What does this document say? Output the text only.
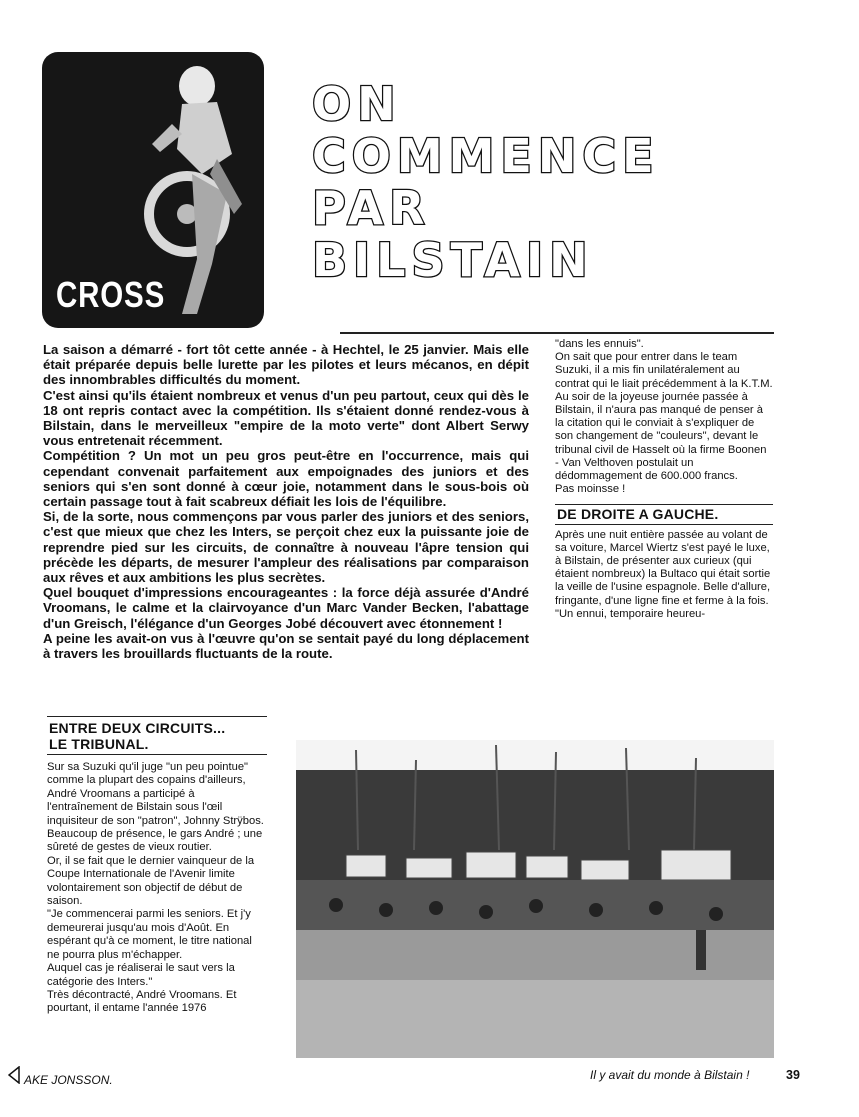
CROSS
ON
COMMENCE
PAR
BILSTAIN

La saison a démarré - fort tôt cette année - à Hechtel, le 25 janvier. Mais elle était préparée depuis belle lurette par les pilotes et leurs mécanos, en dépit des innombrables difficultés du moment.

C'est ainsi qu'ils étaient nombreux et venus d'un peu partout, ceux qui dès le 18 ont repris contact avec la compétition. Ils s'étaient donné rendez-vous à Bilstain, dans le merveilleux "empire de la moto verte" dont Albert Serwy vous entretenait récemment.

Compétition ? Un mot un peu gros peut-être en l'occurrence, mais qui cependant convenait parfaitement aux empoignades des juniors et des seniors qui s'en sont donné à cœur joie, notamment dans le sous-bois où certain passage tout à fait scabreux défiait les lois de l'équilibre.

Si, de la sorte, nous commençons par vous parler des juniors et des seniors, c'est que mieux que chez les Inters, se perçoit chez eux la puissante joie de reprendre pied sur les circuits, de connaître à nouveau l'âpre tension qui précède les départs, de mesurer l'ampleur des réalisations par comparaison aux rêves et aux ambitions les plus secrètes.

Quel bouquet d'impressions encourageantes : la force déjà assurée d'André Vroomans, le calme et la clairvoyance d'un Marc Vander Becken, l'abattage d'un Greisch, l'élégance d'un Georges Jobé découvert avec étonnement !

A peine les avait-on vus à l'œuvre qu'on se sentait payé du long déplacement à travers les brouillards fluctuants de la route.

"dans les ennuis".

On sait que pour entrer dans le team Suzuki, il a mis fin unilatéralement au contrat qui le liait précédemment à la K.T.M.

Au soir de la joyeuse journée passée à Bilstain, il n'aura pas manqué de penser à la citation qui le conviait à s'expliquer de son changement de "couleurs", devant le tribunal civil de Hasselt où la firme Boonen - Van Velthoven postulait un dédommagement de 600.000 francs.

Pas moinsse !

DE DROITE A GAUCHE.

Après une nuit entière passée au volant de sa voiture, Marcel Wiertz s'est payé le luxe, à Bilstain, de présenter aux curieux (qui étaient nombreux) la Bultaco qui était sortie la veille de l'usine espagnole. Belle d'allure, fringante, d'une ligne fine et ferme à la fois.

"Un ennui, temporaire heureu-

ENTRE DEUX CIRCUITS...
LE TRIBUNAL.

Sur sa Suzuki qu'il juge "un peu pointue" comme la plupart des copains d'ailleurs, André Vroomans a participé à l'entraînement de Bilstain sous l'œil inquisiteur de son "patron", Johnny Strÿbos. Beaucoup de présence, le gars André ; une sûreté de gestes de vieux routier.

Or, il se fait que le dernier vainqueur de la Coupe Internationale de l'Avenir limite volontairement son objectif de début de saison.

"Je commencerai parmi les seniors. Et j'y demeurerai jusqu'au mois d'Août. En espérant qu'à ce moment, le titre national ne pourra plus m'échapper.

Auquel cas je réaliserai le saut vers la catégorie des Inters."

Très décontracté, André Vroomans. Et pourtant, il entame l'année 1976

AKE JONSSON.	Il y avait du monde à Bilstain !	39
